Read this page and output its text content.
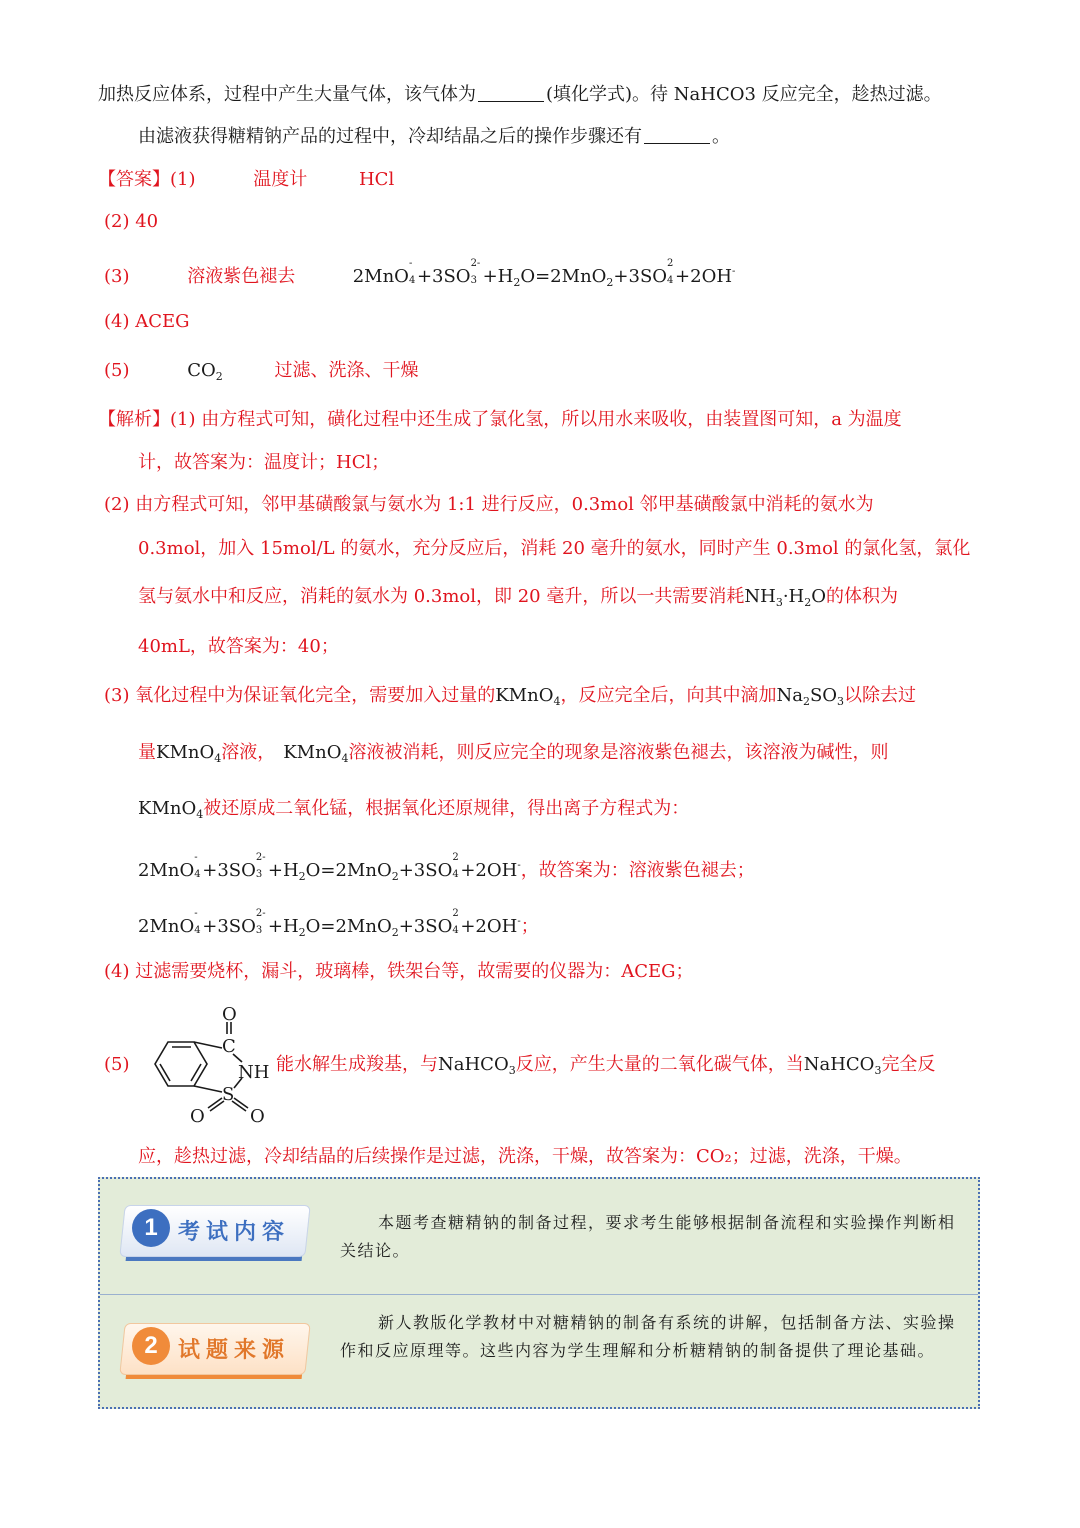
加热反应体系，过程中产生大量气体，该气体为	(填化学式)。待 NaHCO3 反应完全，趁热过滤。
由滤液获得糖精钠产品的过程中，冷却结晶之后的操作步骤还有	。
【答案】(1)	温度计	HCl
(2) 40
(3)	溶液紫色褪去	2MnO
-
4 +3SO
2-
$3 +H_2O=2MnO_2+3SO$
2
4 +2OH-
(4) ACEG
(5)	$CO_2$	过滤、洗涤、干燥
【解析】(1) 由方程式可知，磺化过程中还生成了氯化氢，所以用水来吸收，由装置图可知，a 为温度
计，故答案为：温度计；HCl；
(2) 由方程式可知，邻甲基磺酸氯与氨水为 1:1 进行反应，0.3mol 邻甲基磺酸氯中消耗的氨水为
0.3mol，加入 15mol/L 的氨水，充分反应后，消耗 20 毫升的氨水，同时产生 0.3mol 的氯化氢，氯化
氢与氨水中和反应，消耗的氨水为 0.3mol，即 20 毫升，所以一共需要消耗$NH_3\cdot H_2O$的体积为
40mL，故答案为：40；
(3) 氧化过程中为保证氧化完全，需要加入过量的KMnO$_4$，反应完全后，向其中滴加$Na_2SO_3$以除去过
量KMnO$_4$溶液， KMnO$_4$溶液被消耗，则反应完全的现象是溶液紫色褪去，该溶液为碱性，则
KMnO$_4$被还原成二氧化锰，根据氧化还原规律，得出离子方程式为：
2MnO
-
4 +3SO
2-
$3 +H_2O=2MnO_2+3SO$
2
4 +2OH-，故答案为：溶液紫色褪去；
2MnO
-
4 +3SO
2-
$3 +H_2O=2MnO_2+3SO$
2
4 +2OH-；
(4) 过滤需要烧杯，漏斗，玻璃棒，铁架台等，故需要的仪器为：ACEG；
(5)
O
C
NH
S
O	O
能水解生成羧基，与NaHCO$_3$反应，产生大量的二氧化碳气体，当NaHCO$_3$完全反
应，趁热过滤，冷却结晶的后续操作是过滤，洗涤，干燥，故答案为：CO₂；过滤，洗涤，干燥。
1 考试内容	本题考查糖精钠的制备过程，要求考生能够根据制备流程和实验操作判断相关结论。
2 试题来源
新人教版化学教材中对糖精钠的制备有系统的讲解，包括制备方法、实验操作和反应原理等。这些内容为学生理解和分析糖精钠的制备提供了理论基础。
